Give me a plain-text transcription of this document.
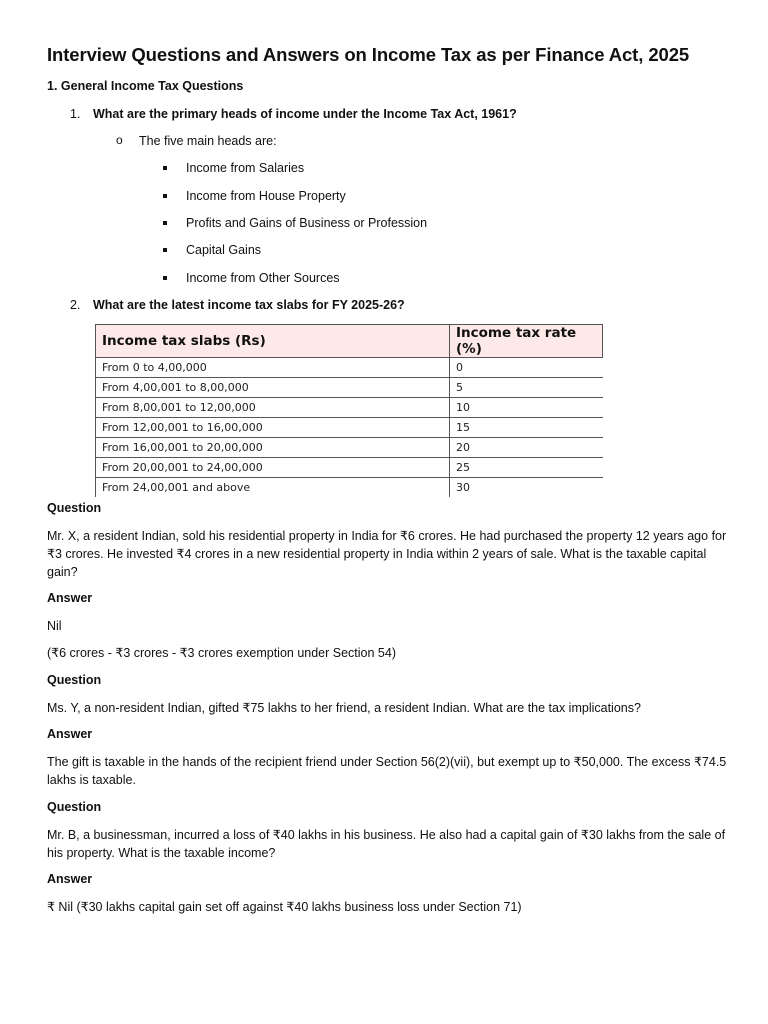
Interview Questions and Answers on Income Tax as per Finance Act, 2025
1. General Income Tax Questions
1. What are the primary heads of income under the Income Tax Act, 1961?
o The five main heads are:
Income from Salaries
Income from House Property
Profits and Gains of Business or Profession
Capital Gains
Income from Other Sources
2. What are the latest income tax slabs for FY 2025-26?
Income tax slabs (Rs)	Income tax rate (%)
From 0 to 4,00,000	0
From 4,00,001 to 8,00,000	5
From 8,00,001 to 12,00,000	10
From 12,00,001 to 16,00,000	15
From 16,00,001 to 20,00,000	20
From 20,00,001 to 24,00,000	25
From 24,00,001 and above	30
Question
Mr. X, a resident Indian, sold his residential property in India for ₹6 crores. He had purchased the property 12 years ago for ₹3 crores. He invested ₹4 crores in a new residential property in India within 2 years of sale. What is the taxable capital gain?
Answer
Nil
(₹6 crores - ₹3 crores - ₹3 crores exemption under Section 54)
Question
Ms. Y, a non-resident Indian, gifted ₹75 lakhs to her friend, a resident Indian. What are the tax implications?
Answer
The gift is taxable in the hands of the recipient friend under Section 56(2)(vii), but exempt up to ₹50,000. The excess ₹74.5 lakhs is taxable.
Question
Mr. B, a businessman, incurred a loss of ₹40 lakhs in his business. He also had a capital gain of ₹30 lakhs from the sale of his property. What is the taxable income?
Answer
₹ Nil (₹30 lakhs capital gain set off against ₹40 lakhs business loss under Section 71)
